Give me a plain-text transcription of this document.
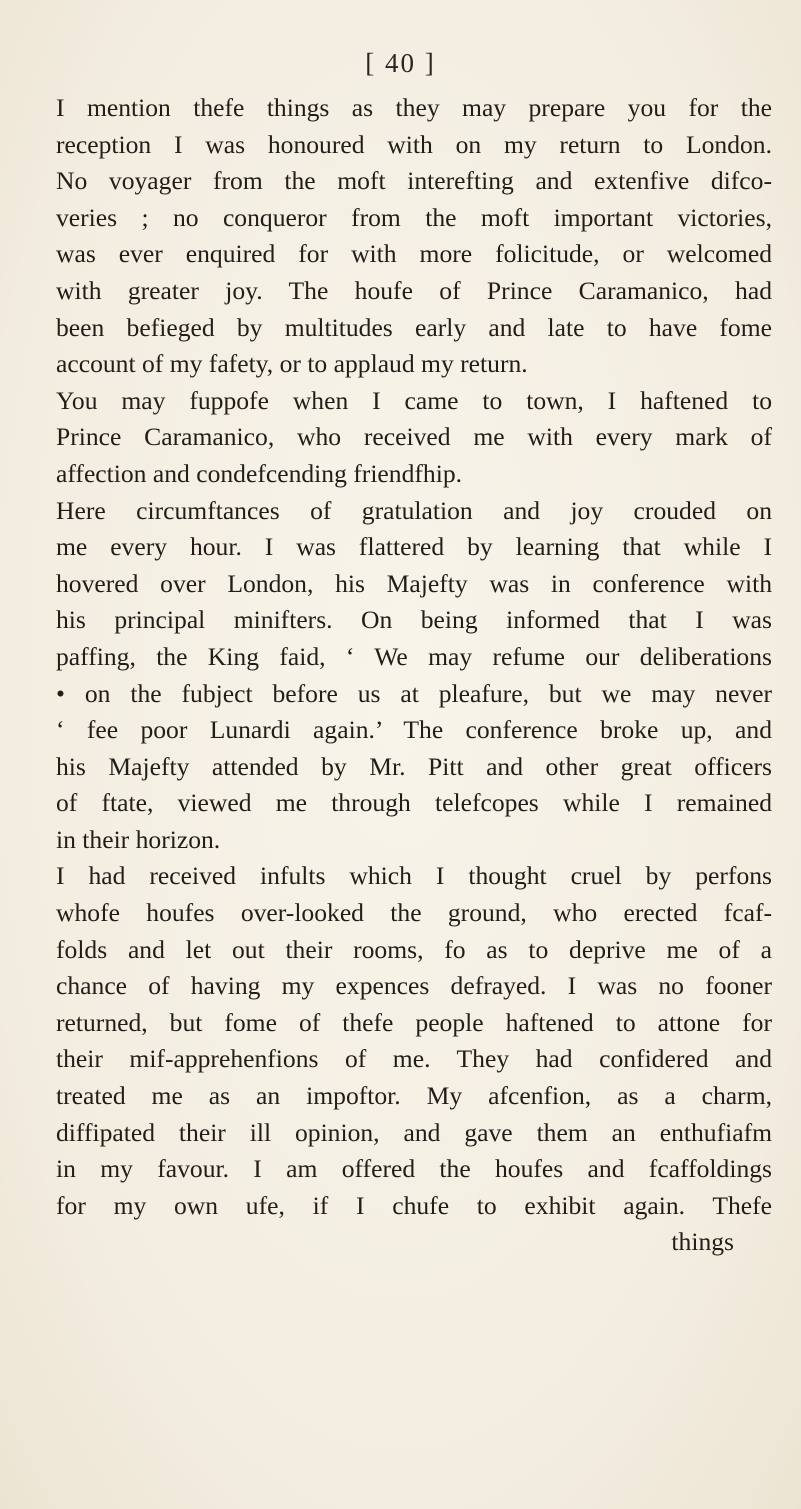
[ 40 ]
I mention thefe things as they may prepare you for the
reception I was honoured with on my return to London.
No voyager from the moft interefting and extenfive difco-
veries ; no conqueror from the moft important victories,
was ever enquired for with more folicitude, or welcomed
with greater joy. The houfe of Prince Caramanico, had
been befieged by multitudes early and late to have fome
account of my fafety, or to applaud my return.
You may fuppofe when I came to town, I haftened to
Prince Caramanico, who received me with every mark of
affection and condefcending friendfhip.
Here circumftances of gratulation and joy crouded on
me every hour. I was flattered by learning that while I
hovered over London, his Majefty was in conference with
his principal minifters. On being informed that I was
paffing, the King faid, ‘ We may refume our deliberations
• on the fubject before us at pleafure, but we may never
‘ fee poor Lunardi again.’ The conference broke up, and
his Majefty attended by Mr. Pitt and other great officers
of ftate, viewed me through telefcopes while I remained
in their horizon.
I had received infults which I thought cruel by perfons
whofe houfes over-looked the ground, who erected fcaf-
folds and let out their rooms, fo as to deprive me of a
chance of having my expences defrayed. I was no fooner
returned, but fome of thefe people haftened to attone for
their mif-apprehenfions of me. They had confidered and
treated me as an impoftor. My afcenfion, as a charm,
diffipated their ill opinion, and gave them an enthufiafm
in my favour. I am offered the houfes and fcaffoldings
for my own ufe, if I chufe to exhibit again. Thefe
things
